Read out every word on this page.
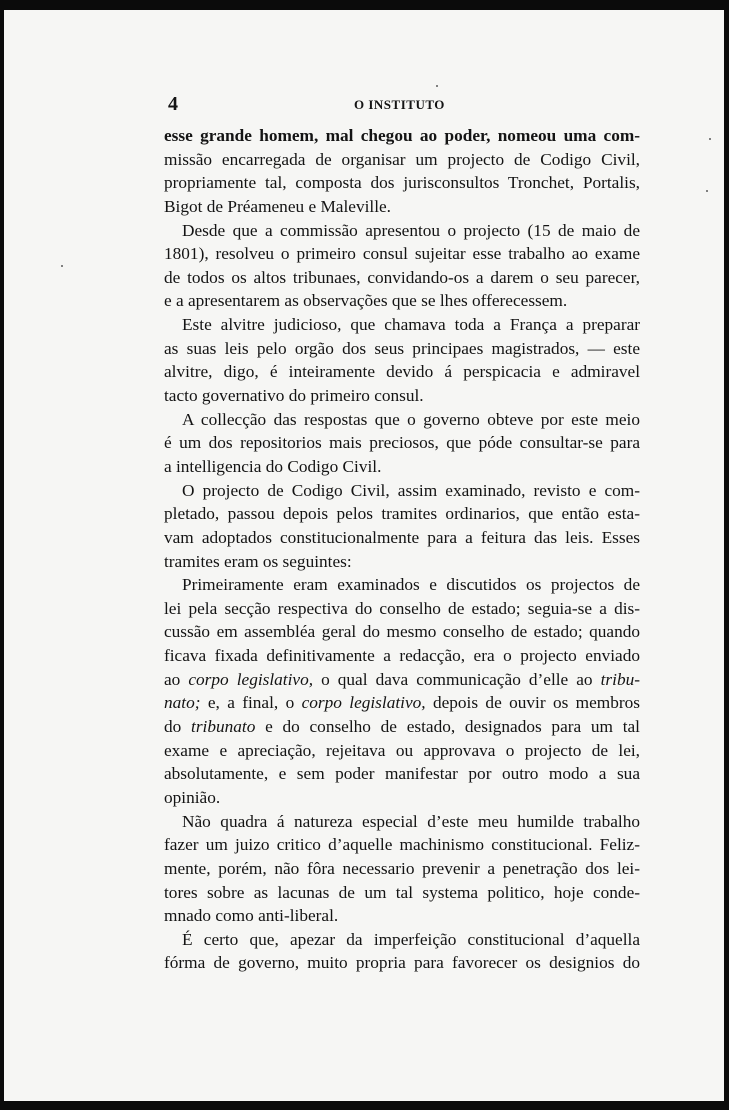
4	O INSTITUTO
esse grande homem, mal chegou ao poder, nomeou uma com-
missão encarregada de organisar um projecto de Codigo Civil,
propriamente tal, composta dos jurisconsultos Tronchet, Portalis,
Bigot de Préameneu e Maleville.
Desde que a commissão apresentou o projecto (15 de maio de
1801), resolveu o primeiro consul sujeitar esse trabalho ao exame
de todos os altos tribunaes, convidando-os a darem o seu parecer,
e a apresentarem as observações que se lhes offerecessem.
Este alvitre judicioso, que chamava toda a França a preparar
as suas leis pelo orgão dos seus principaes magistrados, — este
alvitre, digo, é inteiramente devido á perspicacia e admiravel
tacto governativo do primeiro consul.
A collecção das respostas que o governo obteve por este meio
é um dos repositorios mais preciosos, que póde consultar-se para
a intelligencia do Codigo Civil.
O projecto de Codigo Civil, assim examinado, revisto e com-
pletado, passou depois pelos tramites ordinarios, que então esta-
vam adoptados constitucionalmente para a feitura das leis. Esses
tramites eram os seguintes:
Primeiramente eram examinados e discutidos os projectos de
lei pela secção respectiva do conselho de estado; seguia-se a dis-
cussão em assembléa geral do mesmo conselho de estado; quando
ficava fixada definitivamente a redacção, era o projecto enviado
ao corpo legislativo, o qual dava communicação d’elle ao tribu-
nato; e, a final, o corpo legislativo, depois de ouvir os membros
do tribunato e do conselho de estado, designados para um tal
exame e apreciação, rejeitava ou approvava o projecto de lei,
absolutamente, e sem poder manifestar por outro modo a sua
opinião.
Não quadra á natureza especial d’este meu humilde trabalho
fazer um juizo critico d’aquelle machinismo constitucional. Feliz-
mente, porém, não fôra necessario prevenir a penetração dos lei-
tores sobre as lacunas de um tal systema politico, hoje conde-
mnado como anti-liberal.
É certo que, apezar da imperfeição constitucional d’aquella
fórma de governo, muito propria para favorecer os designios do
